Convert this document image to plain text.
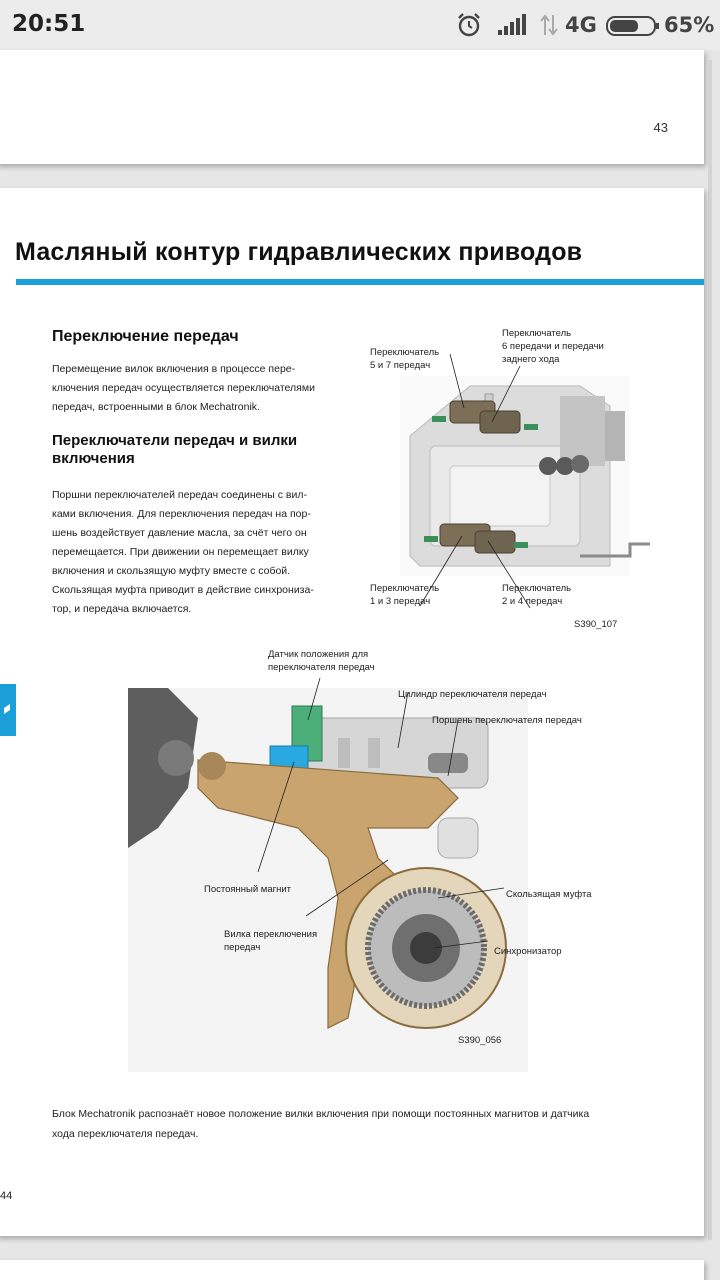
20:51	4G	65%
43
Масляный контур гидравлических приводов
Переключение передач
Перемещение вилок включения в процессе пере-
ключения передач осуществляется переключателями
передач, встроенными в блок Mechatronik.
Переключатели передач и вилки включения
Поршни переключателей передач соединены с вил-
ками включения. Для переключения передач на пор-
шень воздействует давление масла, за счёт чего он
перемещается. При движении он перемещает вилку
включения и скользящую муфту вместе с собой.
Скользящая муфта приводит в действие синхронизa-
тор, и передача включается.
Переключатель
5 и 7 передач
Переключатель
6 передачи и передачи
заднего хода
Переключатель
1 и 3 передач
Переключатель
2 и 4 передач
S390_107
Датчик положения для
переключателя передач
Цилиндр переключателя передач
Поршень переключателя передач
Постоянный магнит
Вилка переключения
передач
Скользящая муфта
Синхронизатор
S390_056
Блок Mechatronik распознаёт новое положение вилки включения при помощи постоянных магнитов и датчика
хода переключателя передач.
44
